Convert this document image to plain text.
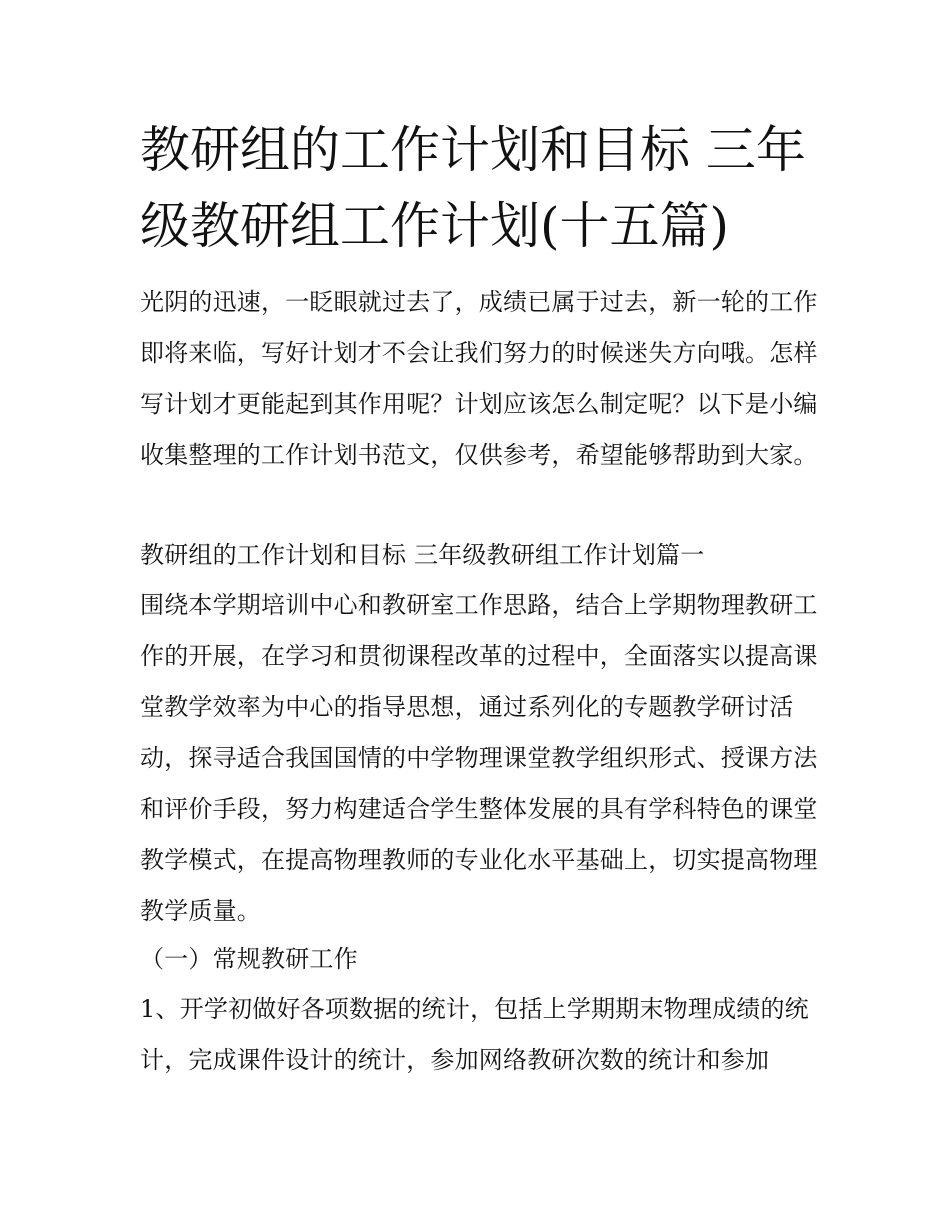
教研组的工作计划和目标 三年级教研组工作计划(十五篇)

光阴的迅速，一眨眼就过去了，成绩已属于过去，新一轮的工作即将来临，写好计划才不会让我们努力的时候迷失方向哦。怎样写计划才更能起到其作用呢？计划应该怎么制定呢？以下是小编收集整理的工作计划书范文，仅供参考，希望能够帮助到大家。

教研组的工作计划和目标 三年级教研组工作计划篇一

围绕本学期培训中心和教研室工作思路，结合上学期物理教研工作的开展，在学习和贯彻课程改革的过程中，全面落实以提高课堂教学效率为中心的指导思想，通过系列化的专题教学研讨活动，探寻适合我国国情的中学物理课堂教学组织形式、授课方法和评价手段，努力构建适合学生整体发展的具有学科特色的课堂教学模式，在提高物理教师的专业化水平基础上，切实提高物理教学质量。

（一）常规教研工作

1、开学初做好各项数据的统计，包括上学期期末物理成绩的统计，完成课件设计的统计，参加网络教研次数的统计和参加
